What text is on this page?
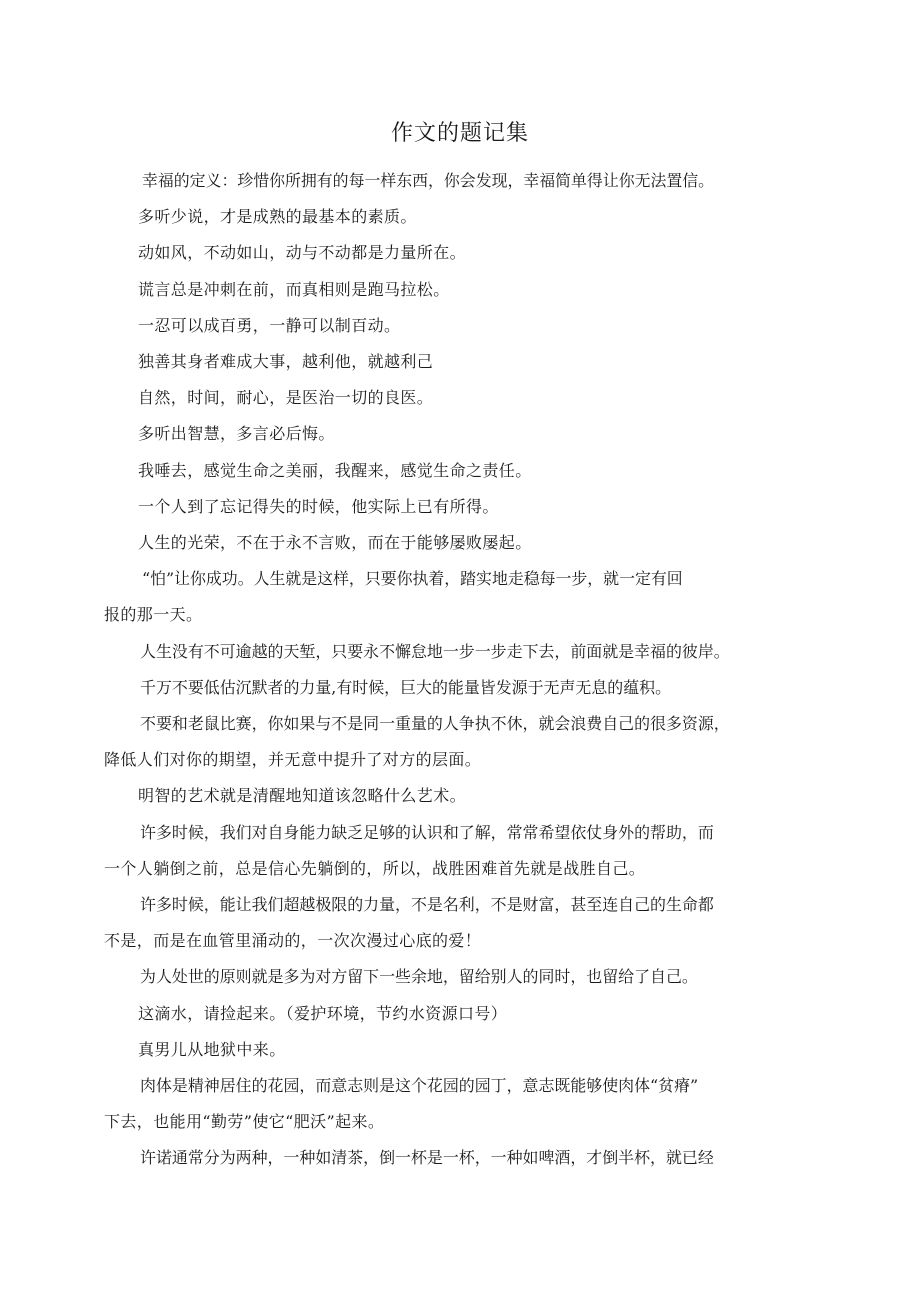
作文的题记集

幸福的定义：珍惜你所拥有的每一样东西，你会发现，幸福简单得让你无法置信。

多听少说，才是成熟的最基本的素质。

动如风，不动如山，动与不动都是力量所在。

谎言总是冲刺在前，而真相则是跑马拉松。

一忍可以成百勇，一静可以制百动。

独善其身者难成大事，越利他，就越利己

自然，时间，耐心，是医治一切的良医。

多听出智慧，多言必后悔。

我唾去，感觉生命之美丽，我醒来，感觉生命之责任。

一个人到了忘记得失的时候，他实际上已有所得。

人生的光荣，不在于永不言败，而在于能够屡败屡起。

“怕”让你成功。人生就是这样，只要你执着，踏实地走稳每一步，就一定有回
报的那一天。

人生没有不可逾越的天堑，只要永不懈怠地一步一步走下去，前面就是幸福的彼岸。

千万不要低估沉默者的力量,有时候，巨大的能量皆发源于无声无息的蕴积。

不要和老鼠比赛，你如果与不是同一重量的人争执不休，就会浪费自己的很多资源，
降低人们对你的期望，并无意中提升了对方的层面。

明智的艺术就是清醒地知道该忽略什么艺术。

许多时候，我们对自身能力缺乏足够的认识和了解，常常希望依仗身外的帮助，而
一个人躺倒之前，总是信心先躺倒的，所以，战胜困难首先就是战胜自己。

许多时候，能让我们超越极限的力量，不是名利，不是财富，甚至连自己的生命都
不是，而是在血管里涌动的，一次次漫过心底的爱！

为人处世的原则就是多为对方留下一些余地，留给别人的同时，也留给了自己。

这滴水，请捡起来。（爱护环境，节约水资源口号）

真男儿从地狱中来。

肉体是精神居住的花园，而意志则是这个花园的园丁，意志既能够使肉体“贫瘠”
下去，也能用“勤劳”使它“肥沃”起来。

许诺通常分为两种，一种如清茶，倒一杯是一杯，一种如啤酒，才倒半杯，就已经
